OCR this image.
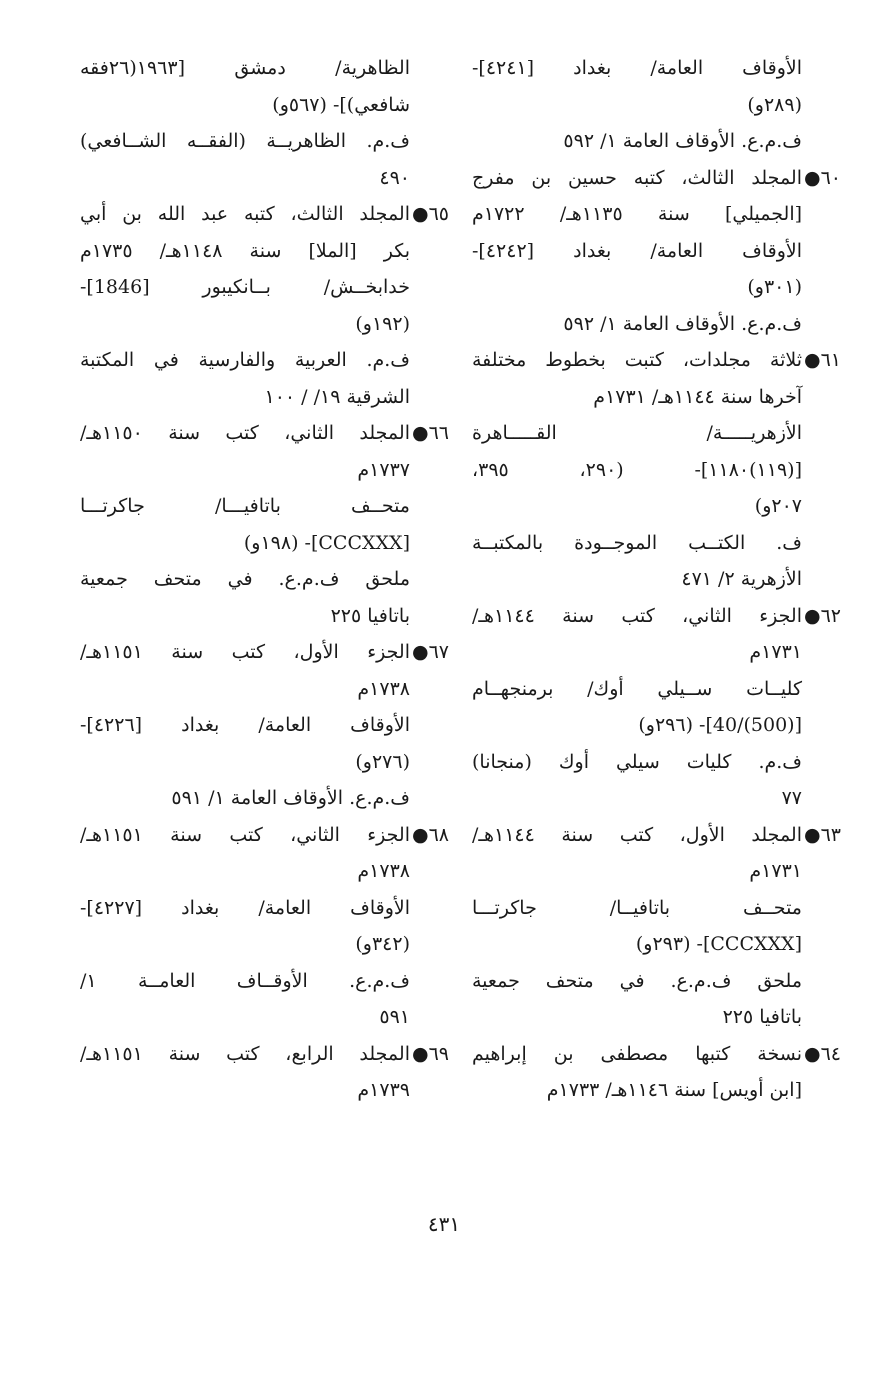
الأوقاف العامة/ بغداد [٤٢٤١]-
(٢٨٩و)
ف.م.ع. الأوقاف العامة ١/ ٥٩٢
٦٠●
المجلد الثالث، كتبه حسين بن مفرج
[الجميلي] سنة ١١٣٥هـ/ ١٧٢٢م
الأوقاف العامة/ بغداد [٤٢٤٢]-
(٣٠١و)
ف.م.ع. الأوقاف العامة ١/ ٥٩٢
٦١●
ثلاثة مجلدات، كتبت بخطوط مختلفة
آخرها سنة ١١٤٤هـ/ ١٧٣١م
الأزهريـــــة/ القـــــاهرة
[(١١٩)١١٨٠]- (٢٩٠، ٣٩٥،
٢٠٧و)
ف. الكتــب الموجــودة بالمكتبــة
الأزهرية ٢/ ٤٧١
٦٢●
الجزء الثاني، كتب سنة ١١٤٤هـ/
١٧٣١م
كليــات ســيلي أوك/ برمنجهــام
[(500)/40]- (٢٩٦و)
ف.م. كليات سيلي أوك (منجانا)
٧٧
٦٣●
المجلد الأول، كتب سنة ١١٤٤هـ/
١٧٣١م
متحــف باتافيــا/ جاكرتـــا
[CCCXXX]- (٢٩٣و)
ملحق ف.م.ع. في متحف جمعية
باتافيا ٢٢٥
٦٤●
نسخة كتبها مصطفى بن إبراهيم
[ابن أويس] سنة ١١٤٦هـ/ ١٧٣٣م
الظاهرية/ دمشق [١٩٦٣(٢٦فقه
شافعي)]- (٥٦٧و)
ف.م. الظاهريــة (الفقــه الشــافعي)
٤٩٠
٦٥●
المجلد الثالث، كتبه عبد الله بن أبي
بكر [الملا] سنة ١١٤٨هـ/ ١٧٣٥م
خدابخــش/ بــانكيبور [1846]-
(١٩٢و)
ف.م. العربية والفارسية في المكتبة
الشرقية ١٩/ / ١٠٠
٦٦●
المجلد الثاني، كتب سنة ١١٥٠هـ/
١٧٣٧م
متحــف باتافيـــا/ جاكرتـــا
[CCCXXX]- (١٩٨و)
ملحق ف.م.ع. في متحف جمعية
باتافيا ٢٢٥
٦٧●
الجزء الأول، كتب سنة ١١٥١هـ/
١٧٣٨م
الأوقاف العامة/ بغداد [٤٢٢٦]-
(٢٧٦و)
ف.م.ع. الأوقاف العامة ١/ ٥٩١
٦٨●
الجزء الثاني، كتب سنة ١١٥١هـ/
١٧٣٨م
الأوقاف العامة/ بغداد [٤٢٢٧]-
(٣٤٢و)
ف.م.ع. الأوقــاف العامــة ١/
٥٩١
٦٩●
المجلد الرابع، كتب سنة ١١٥١هـ/
١٧٣٩م
٤٣١
